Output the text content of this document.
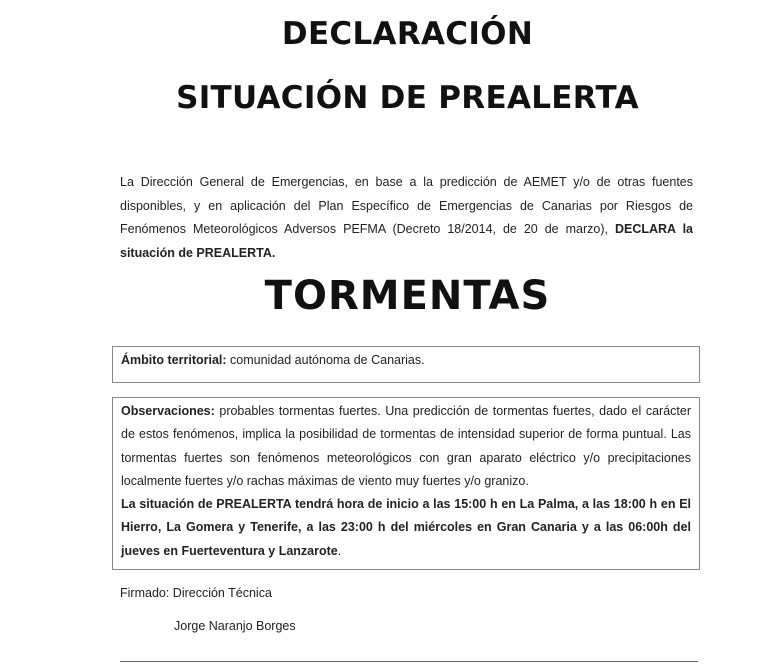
DECLARACIÓN
SITUACIÓN DE PREALERTA

La Dirección General de Emergencias, en base a la predicción de AEMET y/o de otras fuentes disponibles, y en aplicación del Plan Específico de Emergencias de Canarias por Riesgos de Fenómenos Meteorológicos Adversos PEFMA (Decreto 18/2014, de 20 de marzo), DECLARA la situación de PREALERTA.

TORMENTAS
Ámbito territorial: comunidad autónoma de Canarias.
Observaciones: probables tormentas fuertes. Una predicción de tormentas fuertes, dado el carácter de estos fenómenos, implica la posibilidad de tormentas de intensidad superior de forma puntual. Las tormentas fuertes son fenómenos meteorológicos con gran aparato eléctrico y/o precipitaciones localmente fuertes y/o rachas máximas de viento muy fuertes y/o granizo.
La situación de PREALERTA tendrá hora de inicio a las 15:00 h en La Palma, a las 18:00 h en El Hierro, La Gomera y Tenerife, a las 23:00 h del miércoles en Gran Canaria y a las 06:00h del jueves en Fuerteventura y Lanzarote.

Firmado: Dirección Técnica

Jorge Naranjo Borges
